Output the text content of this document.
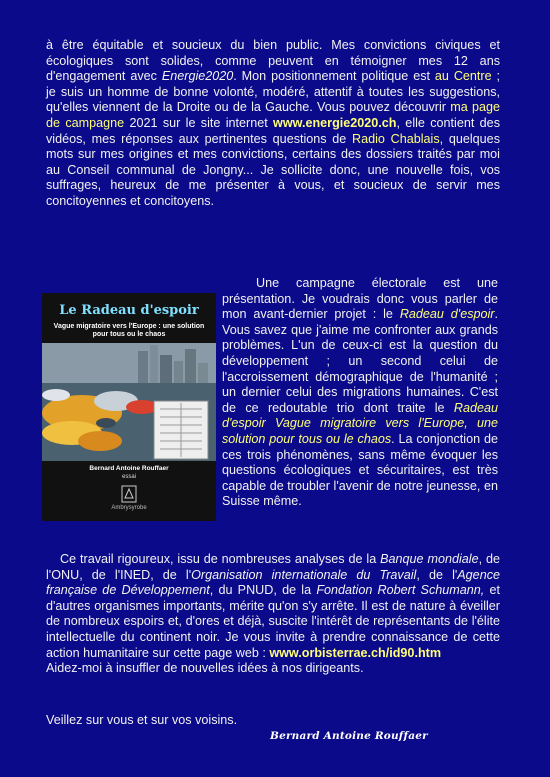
à être équitable et soucieux du bien public. Mes convictions civiques et écologiques sont solides, comme peuvent en témoigner mes 12 ans d'engagement avec Energie2020. Mon positionnement politique est au Centre ; je suis un homme de bonne volonté, modéré, attentif à toutes les suggestions, qu'elles viennent de la Droite ou de la Gauche. Vous pouvez découvrir ma page de campagne 2021 sur le site internet www.energie2020.ch, elle contient des vidéos, mes réponses aux pertinentes questions de Radio Chablais, quelques mots sur mes origines et mes convictions, certains des dossiers traités par moi au Conseil communal de Jongny... Je sollicite donc, une nouvelle fois, vos suffrages, heureux de me présenter à vous, et soucieux de servir mes concitoyennes et concitoyens.
Le Radeau d'espoir
Vague migratoire vers l'Europe : une solution pour tous ou le chaos
Bernard Antoine Rouffaer
essai
Ambrysyrobe
Une campagne électorale est une présentation. Je voudrais donc vous parler de mon avant-dernier projet : le Radeau d'espoir. Vous savez que j'aime me confronter aux grands problèmes. L'un de ceux-ci est la question du développement ; un second celui de l'accroissement démographique de l'humanité ; un dernier celui des migrations humaines. C'est de ce redoutable trio dont traite le Radeau d'espoir Vague migratoire vers l'Europe, une solution pour tous ou le chaos. La conjonction de ces trois phénomènes, sans même évoquer les questions écologiques et sécuritaires, est très capable de troubler l'avenir de notre jeunesse, en Suisse même.
Ce travail rigoureux, issu de nombreuses analyses de la Banque mondiale, de l'ONU, de l'INED, de l'Organisation internationale du Travail, de l'Agence française de Développement, du PNUD, de la Fondation Robert Schumann, et d'autres organismes importants, mérite qu'on s'y arrête. Il est de nature à éveiller de nombreux espoirs et, d'ores et déjà, suscite l'intérêt de représentants de l'élite intellectuelle du continent noir. Je vous invite à prendre connaissance de cette action humanitaire sur cette page web : www.orbisterrae.ch/id90.htm
Aidez-moi à insuffler de nouvelles idées à nos dirigeants.
Veillez sur vous et sur vos voisins.
Bernard Antoine Rouffaer
